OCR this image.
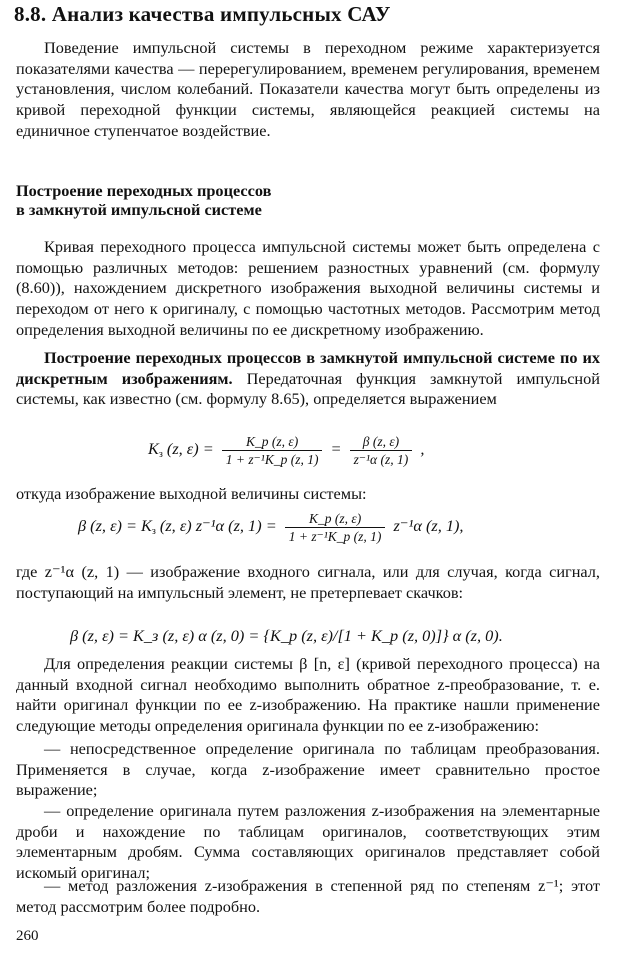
8.8. Анализ качества импульсных САУ

Поведение импульсной системы в переходном режиме характеризуется показателями качества — перерегулированием, временем регулирования, временем установления, числом колебаний. Показатели качества могут быть определены из кривой переходной функции системы, являющейся реакцией системы на единичное ступенчатое воздействие.

Построение переходных процессов
в замкнутой импульсной системе

Кривая переходного процесса импульсной системы может быть определена с помощью различных методов: решением разностных уравнений (см. формулу (8.60)), нахождением дискретного изображения выходной величины системы и переходом от него к оригиналу, с помощью частотных методов. Рассмотрим метод определения выходной величины по ее дискретному изображению.

Построение переходных процессов в замкнутой импульсной системе по их дискретным изображениям. Передаточная функция замкнутой импульсной системы, как известно (см. формулу 8.65), определяется выражением

Kз (z, $\varepsilon) = \frac{K\_p (z, \varepsilon)}{\text{1 + z⁻¹K\_p (z, 1)}} = \frac{\beta (z, \varepsilon)}{\text{z⁻¹α (z, 1)}}$ ,

откуда изображение выходной величины системы:

β (z, ε) = Kз (z, ε) z⁻¹α (z, $1) = \frac{K\_p (z, \varepsilon)}{\text{1 + z⁻¹K\_p (z, 1)}} z^{-1}\alpha$ (z, 1),

где z⁻¹α (z, 1) — изображение входного сигнала, или для случая, когда сигнал, поступающий на импульсный элемент, не претерпевает скачков:

β (z, ε) = K_з (z, ε) α (z, 0) = {K_p (z, ε)/[1 + K_p (z, 0)]} α (z, 0).

Для определения реакции системы β [n, ε] (кривой переходного процесса) на данный входной сигнал необходимо выполнить обратное z-преобразование, т. е. найти оригинал функции по ее z-изображению. На практике нашли применение следующие методы определения оригинала функции по ее z-изображению:

— непосредственное определение оригинала по таблицам преобразования. Применяется в случае, когда z-изображение имеет сравнительно простое выражение;

— определение оригинала путем разложения z-изображения на элементарные дроби и нахождение по таблицам оригиналов, соответствующих этим элементарным дробям. Сумма составляющих оригиналов представляет собой искомый оригинал;

— метод разложения z-изображения в степенной ряд по степеням z⁻¹; этот метод рассмотрим более подробно.

260
